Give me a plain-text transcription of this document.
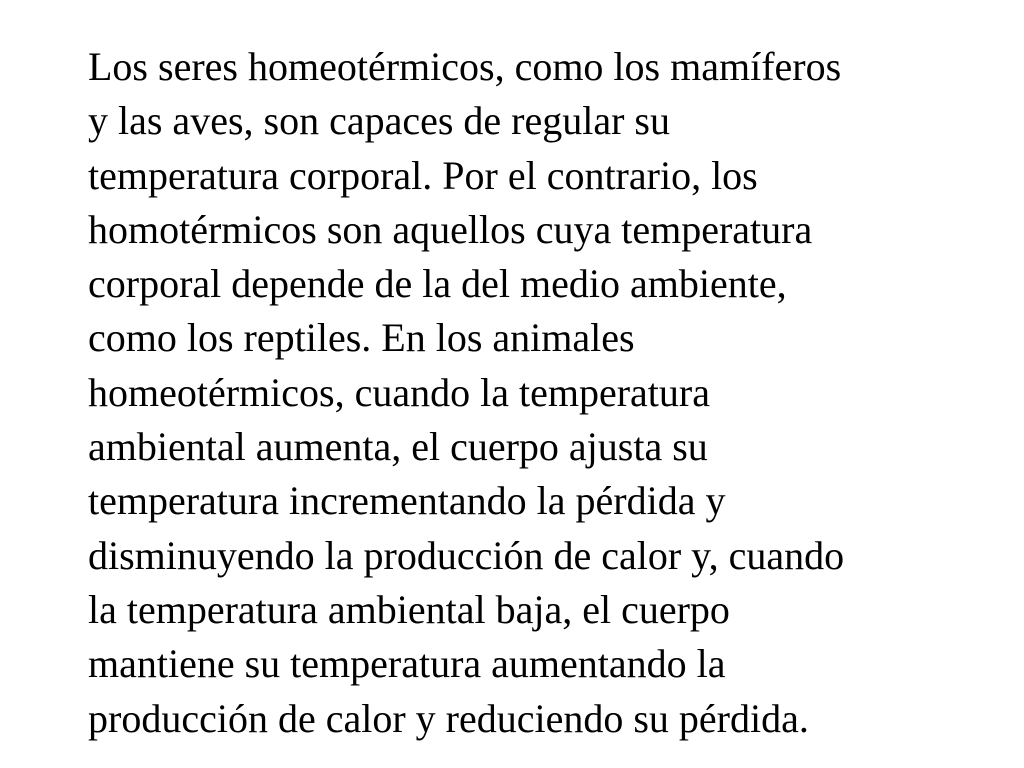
Los seres homeotérmicos, como los mamíferos
y las aves, son capaces de regular su
temperatura corporal. Por el contrario, los
homotérmicos son aquellos cuya temperatura
corporal depende de la del medio ambiente,
como los reptiles. En los animales
homeotérmicos, cuando la temperatura
ambiental aumenta, el cuerpo ajusta su
temperatura incrementando la pérdida y
disminuyendo la producción de calor y, cuando
la temperatura ambiental baja, el cuerpo
mantiene su temperatura aumentando la
producción de calor y reduciendo su pérdida.
